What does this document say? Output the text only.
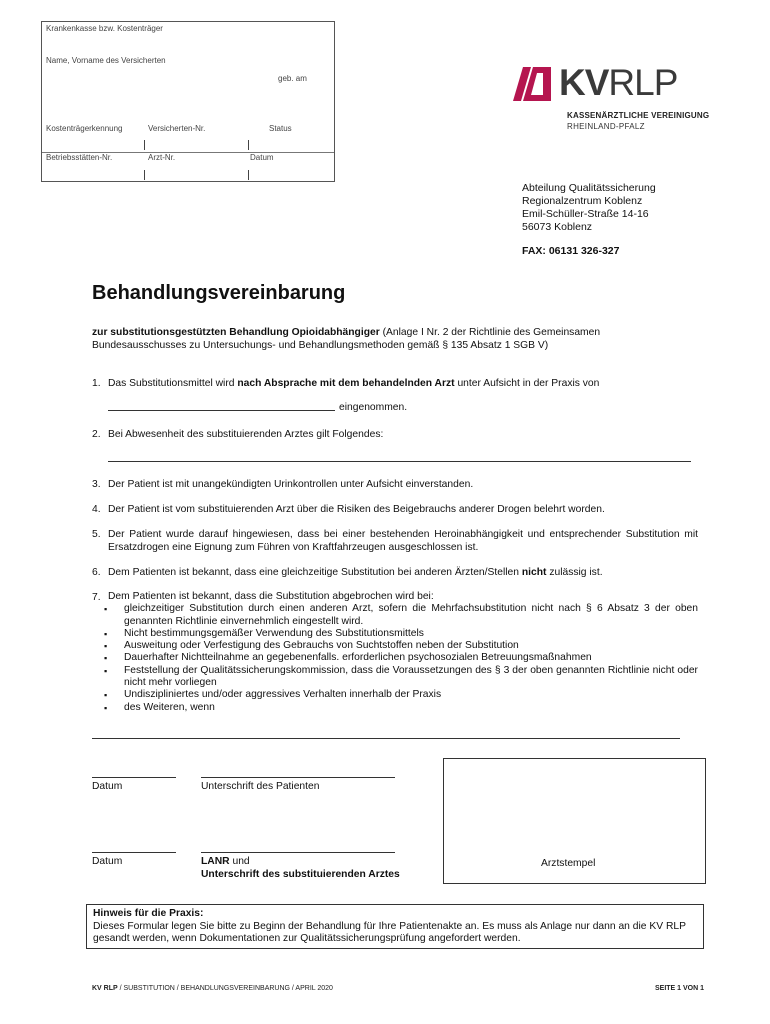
Krankenkasse bzw. Kostenträger
Name, Vorname des Versicherten
geb. am
Kostenträgerkennung	Versicherten-Nr.	Status
Betriebsstätten-Nr.	Arzt-Nr.	Datum
KVRLP
KASSENÄRZTLICHE VEREINIGUNG
RHEINLAND-PFALZ
Abteilung Qualitätssicherung
Regionalzentrum Koblenz
Emil-Schüller-Straße 14-16
56073 Koblenz
FAX: 06131 326-327
Behandlungsvereinbarung
zur substitutionsgestützten Behandlung Opioidabhängiger (Anlage I Nr. 2 der Richtlinie des Gemeinsamen Bundesausschusses zu Untersuchungs- und Behandlungsmethoden gemäß § 135 Absatz 1 SGB V)
1. Das Substitutionsmittel wird nach Absprache mit dem behandelnden Arzt unter Aufsicht in der Praxis von
eingenommen.
2. Bei Abwesenheit des substituierenden Arztes gilt Folgendes:
3. Der Patient ist mit unangekündigten Urinkontrollen unter Aufsicht einverstanden.
4. Der Patient ist vom substituierenden Arzt über die Risiken des Beigebrauchs anderer Drogen belehrt worden.
5. Der Patient wurde darauf hingewiesen, dass bei einer bestehenden Heroinabhängigkeit und entsprechender Substitution mit Ersatzdrogen eine Eignung zum Führen von Kraftfahrzeugen ausgeschlossen ist.
6. Dem Patienten ist bekannt, dass eine gleichzeitige Substitution bei anderen Ärzten/Stellen nicht zulässig ist.
7. Dem Patienten ist bekannt, dass die Substitution abgebrochen wird bei:
▪ gleichzeitiger Substitution durch einen anderen Arzt, sofern die Mehrfachsubstitution nicht nach § 6 Absatz 3 der oben genannten Richtlinie einvernehmlich eingestellt wird.
▪ Nicht bestimmungsgemäßer Verwendung des Substitutionsmittels
▪ Ausweitung oder Verfestigung des Gebrauchs von Suchtstoffen neben der Substitution
▪ Dauerhafter Nichtteilnahme an gegebenenfalls. erforderlichen psychosozialen Betreuungsmaßnahmen
▪ Feststellung der Qualitätssicherungskommission, dass die Voraussetzungen des § 3 der oben genannten Richtlinie nicht oder nicht mehr vorliegen
▪ Undiszipliniertes und/oder aggressives Verhalten innerhalb der Praxis
▪ des Weiteren, wenn
Datum	Unterschrift des Patienten
Datum	LANR und
Unterschrift des substituierenden Arztes
Arztstempel
Hinweis für die Praxis:
Dieses Formular legen Sie bitte zu Beginn der Behandlung für Ihre Patientenakte an. Es muss als Anlage nur dann an die KV RLP gesandt werden, wenn Dokumentationen zur Qualitätssicherungsprüfung angefordert werden.
KV RLP / SUBSTITUTION / BEHANDLUNGSVEREINBARUNG / APRIL 2020	SEITE 1 VON 1
